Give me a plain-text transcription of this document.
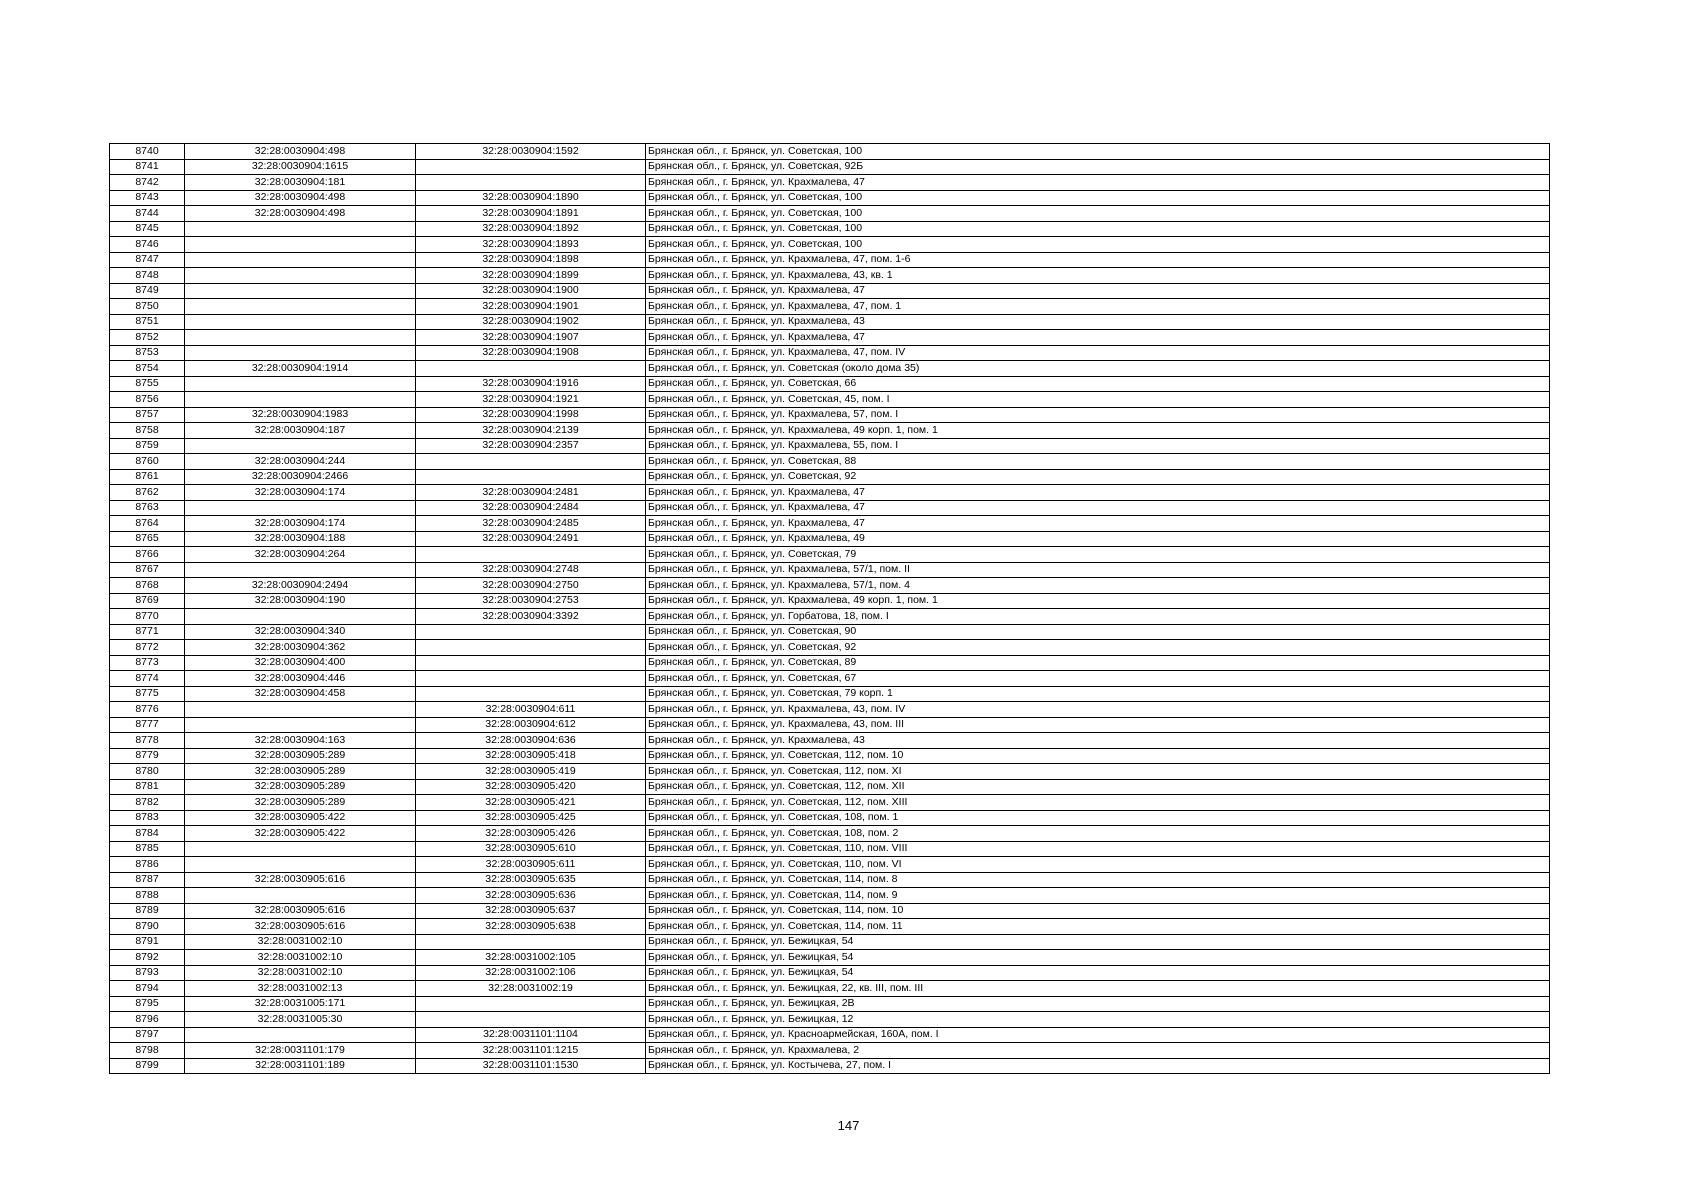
8740	32:28:0030904:498	32:28:0030904:1592	Брянская обл., г. Брянск, ул. Советская, 100
8741	32:28:0030904:1615		Брянская обл., г. Брянск, ул. Советская, 92Б
8742	32:28:0030904:181		Брянская обл., г. Брянск, ул. Крахмалева, 47
8743	32:28:0030904:498	32:28:0030904:1890	Брянская обл., г. Брянск, ул. Советская, 100
8744	32:28:0030904:498	32:28:0030904:1891	Брянская обл., г. Брянск, ул. Советская, 100
8745		32:28:0030904:1892	Брянская обл., г. Брянск, ул. Советская, 100
8746		32:28:0030904:1893	Брянская обл., г. Брянск, ул. Советская, 100
8747		32:28:0030904:1898	Брянская обл., г. Брянск, ул. Крахмалева, 47, пом. 1-6
8748		32:28:0030904:1899	Брянская обл., г. Брянск, ул. Крахмалева, 43, кв. 1
8749		32:28:0030904:1900	Брянская обл., г. Брянск, ул. Крахмалева, 47
8750		32:28:0030904:1901	Брянская обл., г. Брянск, ул. Крахмалева, 47, пом. 1
8751		32:28:0030904:1902	Брянская обл., г. Брянск, ул. Крахмалева, 43
8752		32:28:0030904:1907	Брянская обл., г. Брянск, ул. Крахмалева, 47
8753		32:28:0030904:1908	Брянская обл., г. Брянск, ул. Крахмалева, 47, пом. IV
8754	32:28:0030904:1914		Брянская обл., г. Брянск, ул. Советская (около дома 35)
8755		32:28:0030904:1916	Брянская обл., г. Брянск, ул. Советская, 66
8756		32:28:0030904:1921	Брянская обл., г. Брянск, ул. Советская, 45, пом. I
8757	32:28:0030904:1983	32:28:0030904:1998	Брянская обл., г. Брянск, ул. Крахмалева, 57, пом. I
8758	32:28:0030904:187	32:28:0030904:2139	Брянская обл., г. Брянск, ул. Крахмалева, 49 корп. 1, пом. 1
8759		32:28:0030904:2357	Брянская обл., г. Брянск, ул. Крахмалева, 55, пом. I
8760	32:28:0030904:244		Брянская обл., г. Брянск, ул. Советская, 88
8761	32:28:0030904:2466		Брянская обл., г. Брянск, ул. Советская, 92
8762	32:28:0030904:174	32:28:0030904:2481	Брянская обл., г. Брянск, ул. Крахмалева, 47
8763		32:28:0030904:2484	Брянская обл., г. Брянск, ул. Крахмалева, 47
8764	32:28:0030904:174	32:28:0030904:2485	Брянская обл., г. Брянск, ул. Крахмалева, 47
8765	32:28:0030904:188	32:28:0030904:2491	Брянская обл., г. Брянск, ул. Крахмалева, 49
8766	32:28:0030904:264		Брянская обл., г. Брянск, ул. Советская, 79
8767		32:28:0030904:2748	Брянская обл., г. Брянск, ул. Крахмалева, 57/1, пом. II
8768	32:28:0030904:2494	32:28:0030904:2750	Брянская обл., г. Брянск, ул. Крахмалева, 57/1, пом. 4
8769	32:28:0030904:190	32:28:0030904:2753	Брянская обл., г. Брянск, ул. Крахмалева, 49 корп. 1, пом. 1
8770		32:28:0030904:3392	Брянская обл., г. Брянск, ул. Горбатова, 18, пом. I
8771	32:28:0030904:340		Брянская обл., г. Брянск, ул. Советская, 90
8772	32:28:0030904:362		Брянская обл., г. Брянск, ул. Советская, 92
8773	32:28:0030904:400		Брянская обл., г. Брянск, ул. Советская, 89
8774	32:28:0030904:446		Брянская обл., г. Брянск, ул. Советская, 67
8775	32:28:0030904:458		Брянская обл., г. Брянск, ул. Советская, 79 корп. 1
8776		32:28:0030904:611	Брянская обл., г. Брянск, ул. Крахмалева, 43, пом. IV
8777		32:28:0030904:612	Брянская обл., г. Брянск, ул. Крахмалева, 43, пом. III
8778	32:28:0030904:163	32:28:0030904:636	Брянская обл., г. Брянск, ул. Крахмалева, 43
8779	32:28:0030905:289	32:28:0030905:418	Брянская обл., г. Брянск, ул. Советская, 112, пом. 10
8780	32:28:0030905:289	32:28:0030905:419	Брянская обл., г. Брянск, ул. Советская, 112, пом. XI
8781	32:28:0030905:289	32:28:0030905:420	Брянская обл., г. Брянск, ул. Советская, 112, пом. XII
8782	32:28:0030905:289	32:28:0030905:421	Брянская обл., г. Брянск, ул. Советская, 112, пом. XIII
8783	32:28:0030905:422	32:28:0030905:425	Брянская обл., г. Брянск, ул. Советская, 108, пом. 1
8784	32:28:0030905:422	32:28:0030905:426	Брянская обл., г. Брянск, ул. Советская, 108, пом. 2
8785		32:28:0030905:610	Брянская обл., г. Брянск, ул. Советская, 110, пом. VIII
8786		32:28:0030905:611	Брянская обл., г. Брянск, ул. Советская, 110, пом. VI
8787	32:28:0030905:616	32:28:0030905:635	Брянская обл., г. Брянск, ул. Советская, 114, пом. 8
8788		32:28:0030905:636	Брянская обл., г. Брянск, ул. Советская, 114, пом. 9
8789	32:28:0030905:616	32:28:0030905:637	Брянская обл., г. Брянск, ул. Советская, 114, пом. 10
8790	32:28:0030905:616	32:28:0030905:638	Брянская обл., г. Брянск, ул. Советская, 114, пом. 11
8791	32:28:0031002:10		Брянская обл., г. Брянск, ул. Бежицкая, 54
8792	32:28:0031002:10	32:28:0031002:105	Брянская обл., г. Брянск, ул. Бежицкая, 54
8793	32:28:0031002:10	32:28:0031002:106	Брянская обл., г. Брянск, ул. Бежицкая, 54
8794	32:28:0031002:13	32:28:0031002:19	Брянская обл., г. Брянск, ул. Бежицкая, 22, кв. III, пом. III
8795	32:28:0031005:171		Брянская обл., г. Брянск, ул. Бежицкая, 2В
8796	32:28:0031005:30		Брянская обл., г. Брянск, ул. Бежицкая, 12
8797		32:28:0031101:1104	Брянская обл., г. Брянск, ул. Красноармейская, 160А, пом. I
8798	32:28:0031101:179	32:28:0031101:1215	Брянская обл., г. Брянск, ул. Крахмалева, 2
8799	32:28:0031101:189	32:28:0031101:1530	Брянская обл., г. Брянск, ул. Костычева, 27, пом. I
147
